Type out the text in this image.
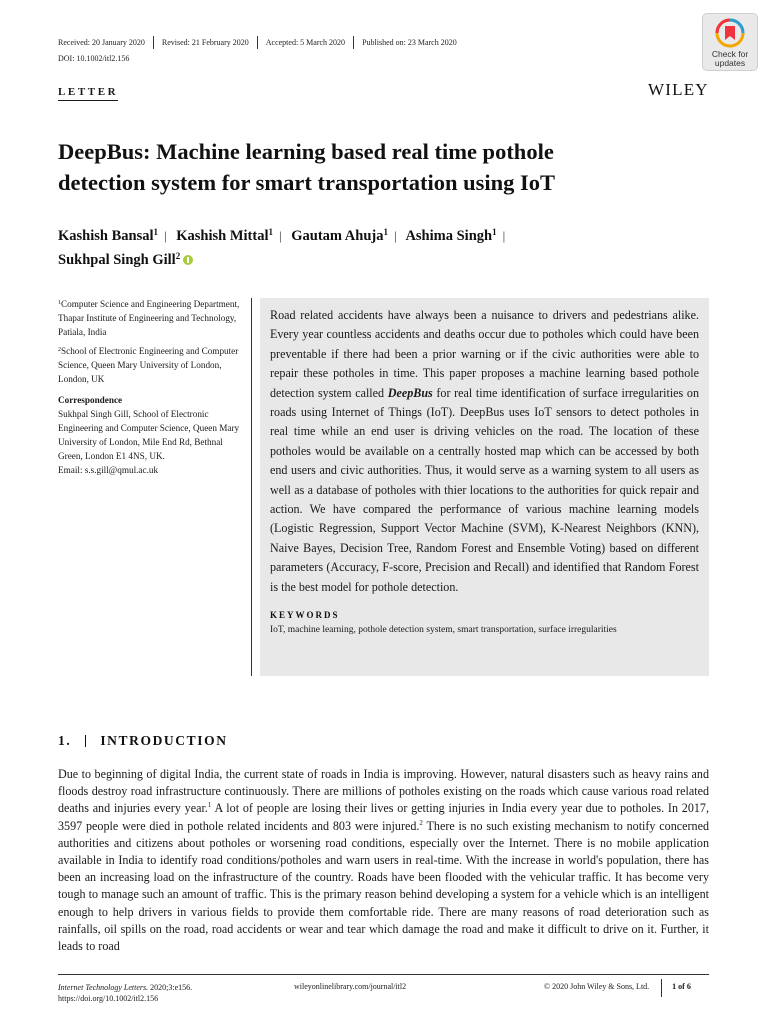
Received: 20 January 2020	Revised: 21 February 2020	Accepted: 5 March 2020	Published on: 23 March 2020
DOI: 10.1002/itl2.156	Check for
updates
LETTER	WILEY
DeepBus: Machine learning based real time pothole
detection system for smart transportation using IoT
Kashish Bansal$^1$ | Kashish Mittal$^1$ | Gautam Ahuja$^1$ | Ashima Singh$^1$ |
Sukhpal Singh Gill$^2$

$^1$Computer Science and Engineering Department, Thapar Institute of Engineering and Technology, Patiala, India

$^2$School of Electronic Engineering and Computer Science, Queen Mary University of London, London, UK

Correspondence

Sukhpal Singh Gill, School of Electronic Engineering and Computer Science, Queen Mary University of London, Mile End Rd, Bethnal Green, London E1 4NS, UK.

Email: s.s.gill@qmul.ac.uk

Road related accidents have always been a nuisance to drivers and pedestrians alike. Every year countless accidents and deaths occur due to potholes which could have been preventable if there had been a prior warning or if the civic authorities were able to repair these potholes in time. This paper proposes a machine learning based pothole detection system called DeepBus for real time identification of surface irregularities on roads using Internet of Things (IoT). DeepBus uses IoT sensors to detect potholes in real time while an end user is driving vehicles on the road. The location of these potholes would be available on a centrally hosted map which can be accessed by both end users and civic authorities. Thus, it would serve as a warning system to all users as well as a database of potholes with thier locations to the authorities for quick repair and action. We have compared the performance of various machine learning models (Logistic Regression, Support Vector Machine (SVM), K-Nearest Neighbors (KNN), Naive Bayes, Decision Tree, Random Forest and Ensemble Voting) based on different parameters (Accuracy, F-score, Precision and Recall) and identified that Random Forest is the best model for pothole detection.

KEYWORDS
IoT, machine learning, pothole detection system, smart transportation, surface irregularities
1. INTRODUCTION

Due to beginning of digital India, the current state of roads in India is improving. However, natural disasters such as heavy rains and floods destroy road infrastructure continuously. There are millions of potholes existing on the roads which cause various road related deaths and injuries every year.$^1$ A lot of people are losing their lives or getting injuries in India every year due to potholes. In 2017, 3597 people were died in pothole related incidents and 803 were injured.$^2$ There is no such existing mechanism to notify concerned authorities and citizens about potholes or worsening road conditions, especially over the Internet. There is no mobile application available in India to identify road conditions/potholes and warn users in real-time. With the increase in world's population, there has been an increasing load on the infrastructure of the country. Roads have been flooded with the vehicular traffic. It has become very tough to manage such an amount of traffic. This is the primary reason behind developing a system for a vehicle which is an intelligent enough to help drivers in various fields to provide them comfortable ride. There are many reasons of road deterioration such as rainfalls, oil spills on the road, road accidents or wear and tear which damage the road and make it difficult to drive on it. Further, it leads to road

Internet Technology Letters. 2020;3:e156.
https://doi.org/10.1002/itl2.156
wileyonlinelibrary.com/journal/itl2	© 2020 John Wiley & Sons, Ltd.	1 of 6
